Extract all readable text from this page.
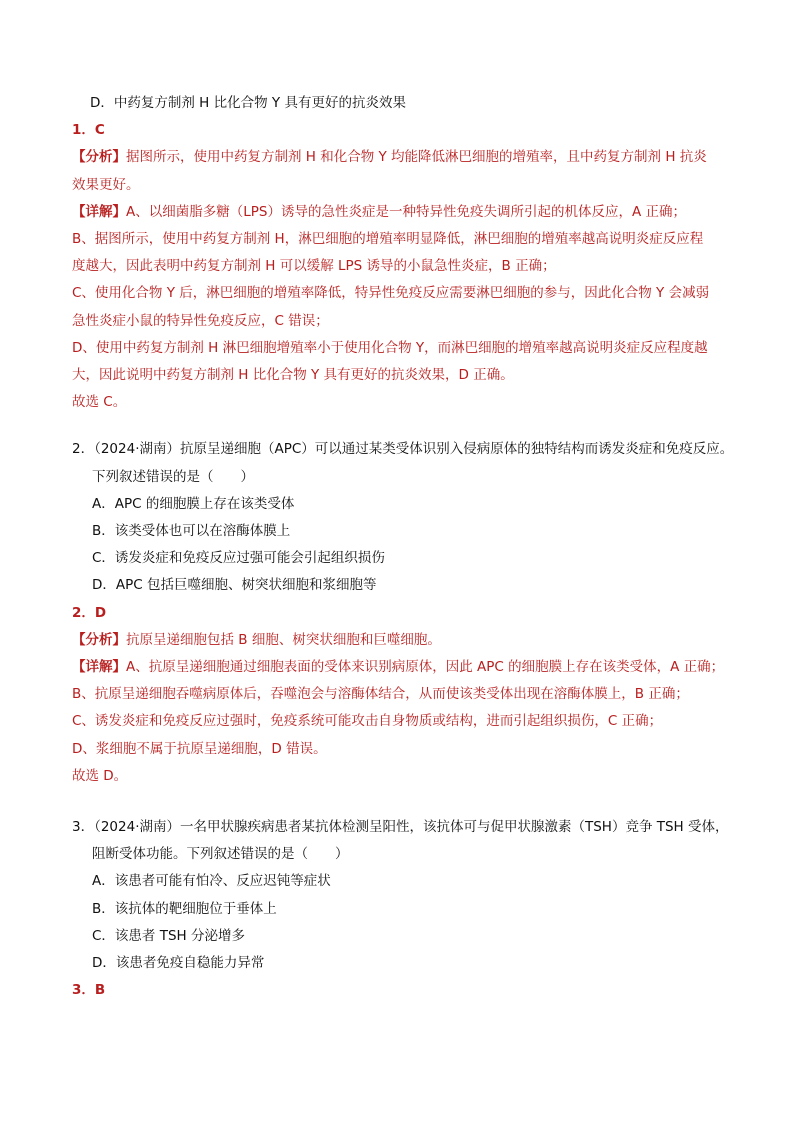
D．中药复方制剂 H 比化合物 Y 具有更好的抗炎效果
1．C
【分析】据图所示，使用中药复方制剂 H 和化合物 Y 均能降低淋巴细胞的增殖率，且中药复方制剂 H 抗炎
效果更好。
【详解】A、以细菌脂多糖（LPS）诱导的急性炎症是一种特异性免疫失调所引起的机体反应，A 正确；
B、据图所示，使用中药复方制剂 H，淋巴细胞的增殖率明显降低，淋巴细胞的增殖率越高说明炎症反应程
度越大，因此表明中药复方制剂 H 可以缓解 LPS 诱导的小鼠急性炎症，B 正确；
C、使用化合物 Y 后，淋巴细胞的增殖率降低，特异性免疫反应需要淋巴细胞的参与，因此化合物 Y 会减弱
急性炎症小鼠的特异性免疫反应，C 错误；
D、使用中药复方制剂 H 淋巴细胞增殖率小于使用化合物 Y，而淋巴细胞的增殖率越高说明炎症反应程度越
大，因此说明中药复方制剂 H 比化合物 Y 具有更好的抗炎效果，D 正确。
故选 C。
2．（2024·湖南）抗原呈递细胞（APC）可以通过某类受体识别入侵病原体的独特结构而诱发炎症和免疫反应。
下列叙述错误的是（　　）
A．APC 的细胞膜上存在该类受体
B．该类受体也可以在溶酶体膜上
C．诱发炎症和免疫反应过强可能会引起组织损伤
D．APC 包括巨噬细胞、树突状细胞和浆细胞等
2．D
【分析】抗原呈递细胞包括 B 细胞、树突状细胞和巨噬细胞。
【详解】A、抗原呈递细胞通过细胞表面的受体来识别病原体，因此 APC 的细胞膜上存在该类受体，A 正确；
B、抗原呈递细胞吞噬病原体后，吞噬泡会与溶酶体结合，从而使该类受体出现在溶酶体膜上，B 正确；
C、诱发炎症和免疫反应过强时，免疫系统可能攻击自身物质或结构，进而引起组织损伤，C 正确；
D、浆细胞不属于抗原呈递细胞，D 错误。
故选 D。
3．（2024·湖南）一名甲状腺疾病患者某抗体检测呈阳性，该抗体可与促甲状腺激素（TSH）竞争 TSH 受体，
阻断受体功能。下列叙述错误的是（　　）
A．该患者可能有怕冷、反应迟钝等症状
B．该抗体的靶细胞位于垂体上
C．该患者 TSH 分泌增多
D．该患者免疫自稳能力异常
3．B
